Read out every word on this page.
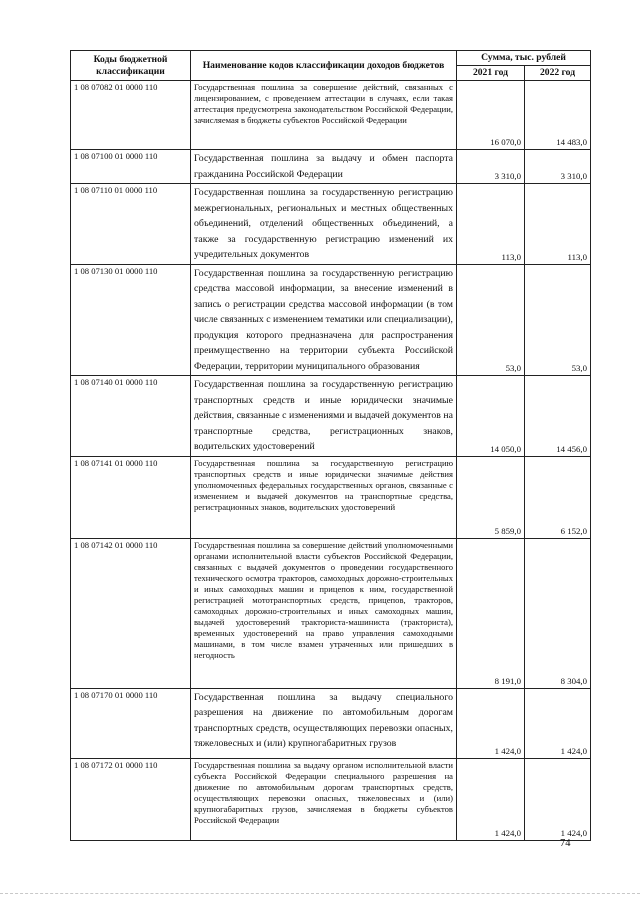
Коды бюджетной классификации	Наименование кодов классификации доходов бюджетов	Сумма, тыс. рублей	
		2021 год	2022 год
1 08 07082 01 0000 110	Государственная пошлина за совершение действий, связанных с лицензированием, с проведением аттестации в случаях, если такая аттестация предусмотрена законодательством Российской Федерации, зачисляемая в бюджеты субъектов Российской Федерации	16 070,0	14 483,0
1 08 07100 01 0000 110	Государственная пошлина за выдачу и обмен паспорта гражданина Российской Федерации	3 310,0	3 310,0
1 08 07110 01 0000 110	Государственная пошлина за государственную регистрацию межрегиональных, региональных и местных общественных объединений, отделений общественных объединений, а также за государственную регистрацию изменений их учредительных документов	113,0	113,0
1 08 07130 01 0000 110	Государственная пошлина за государственную регистрацию средства массовой информации, за внесение изменений в запись о регистрации средства массовой информации (в том числе связанных с изменением тематики или специализации), продукция которого предназначена для распространения преимущественно на территории субъекта Российской Федерации, территории муниципального образования	53,0	53,0
1 08 07140 01 0000 110	Государственная пошлина за государственную регистрацию транспортных средств и иные юридически значимые действия, связанные с изменениями и выдачей документов на транспортные средства, регистрационных знаков, водительских удостоверений	14 050,0	14 456,0
1 08 07141 01 0000 110	Государственная пошлина за государственную регистрацию транспортных средств и иные юридически значимые действия уполномоченных федеральных государственных органов, связанные с изменением и выдачей документов на транспортные средства, регистрационных знаков, водительских удостоверений	5 859,0	6 152,0
1 08 07142 01 0000 110	Государственная пошлина за совершение действий уполномоченными органами исполнительной власти субъектов Российской Федерации, связанных с выдачей документов о проведении государственного технического осмотра тракторов, самоходных дорожно-строительных и иных самоходных машин и прицепов к ним, государственной регистрацией мототранспортных средств, прицепов, тракторов, самоходных дорожно-строительных и иных самоходных машин, выдачей удостоверений тракториста-машиниста (тракториста), временных удостоверений на право управления самоходными машинами, в том числе взамен утраченных или пришедших в негодность	8 191,0	8 304,0
1 08 07170 01 0000 110	Государственная пошлина за выдачу специального разрешения на движение по автомобильным дорогам транспортных средств, осуществляющих перевозки опасных, тяжеловесных и (или) крупногабаритных грузов	1 424,0	1 424,0
1 08 07172 01 0000 110	Государственная пошлина за выдачу органом исполнительной власти субъекта Российской Федерации специального разрешения на движение по автомобильным дорогам транспортных средств, осуществляющих перевозки опасных, тяжеловесных и (или) крупногабаритных грузов, зачисляемая в бюджеты субъектов Российской Федерации	1 424,0	1 424,0
74
